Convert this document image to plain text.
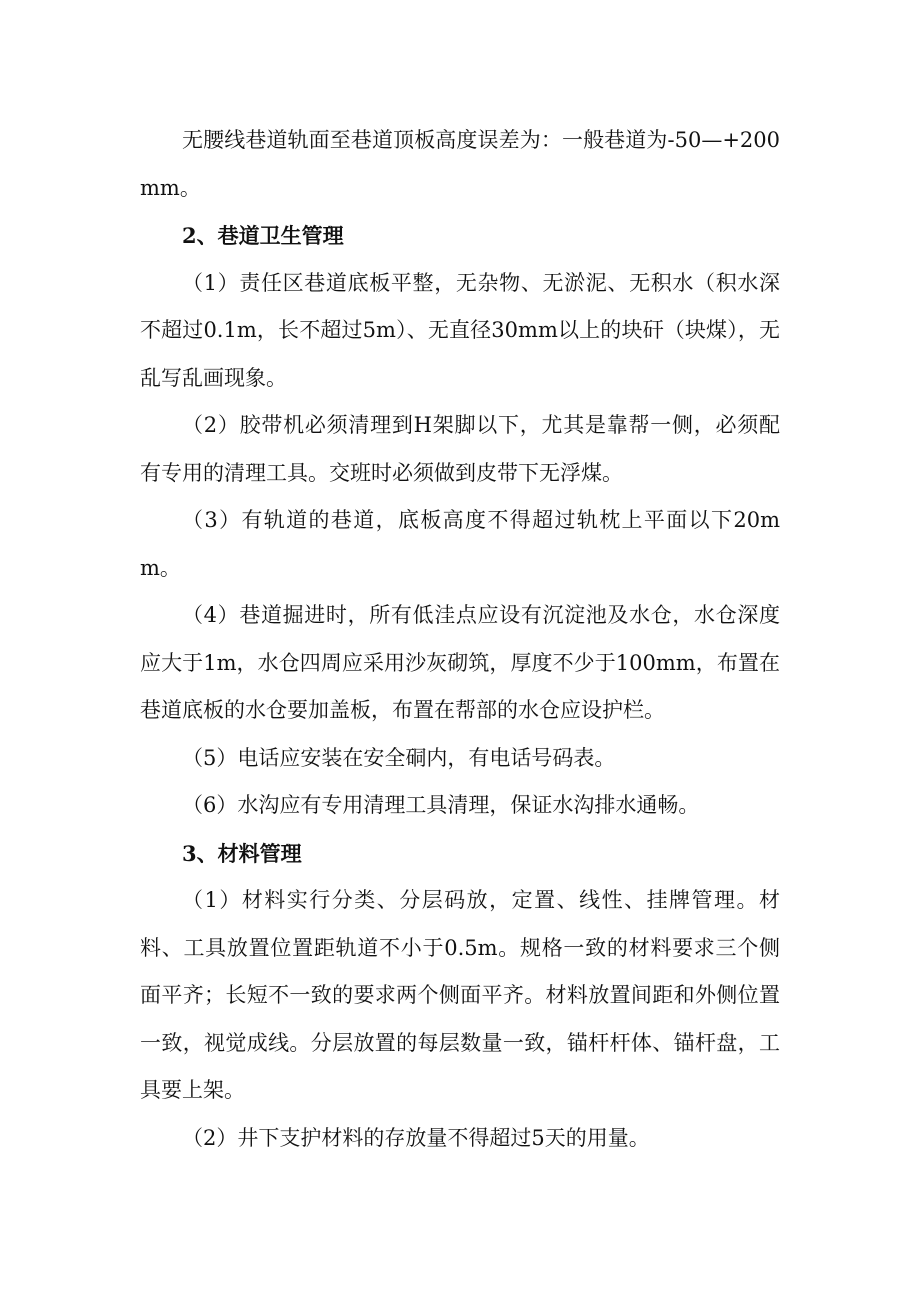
无腰线巷道轨面至巷道顶板高度误差为：一般巷道为-50—+200mm。

2、巷道卫生管理

（1）责任区巷道底板平整，无杂物、无淤泥、无积水（积水深不超过0.1m，长不超过5m）、无直径30mm以上的块矸（块煤），无乱写乱画现象。

（2）胶带机必须清理到H架脚以下，尤其是靠帮一侧，必须配有专用的清理工具。交班时必须做到皮带下无浮煤。

（3）有轨道的巷道，底板高度不得超过轨枕上平面以下20mm。

（4）巷道掘进时，所有低洼点应设有沉淀池及水仓，水仓深度应大于1m，水仓四周应采用沙灰砌筑，厚度不少于100mm，布置在巷道底板的水仓要加盖板，布置在帮部的水仓应设护栏。

（5）电话应安装在安全硐内，有电话号码表。

（6）水沟应有专用清理工具清理，保证水沟排水通畅。

3、材料管理

（1）材料实行分类、分层码放，定置、线性、挂牌管理。材料、工具放置位置距轨道不小于0.5m。规格一致的材料要求三个侧面平齐；长短不一致的要求两个侧面平齐。材料放置间距和外侧位置一致，视觉成线。分层放置的每层数量一致，锚杆杆体、锚杆盘，工具要上架。

（2）井下支护材料的存放量不得超过5天的用量。
